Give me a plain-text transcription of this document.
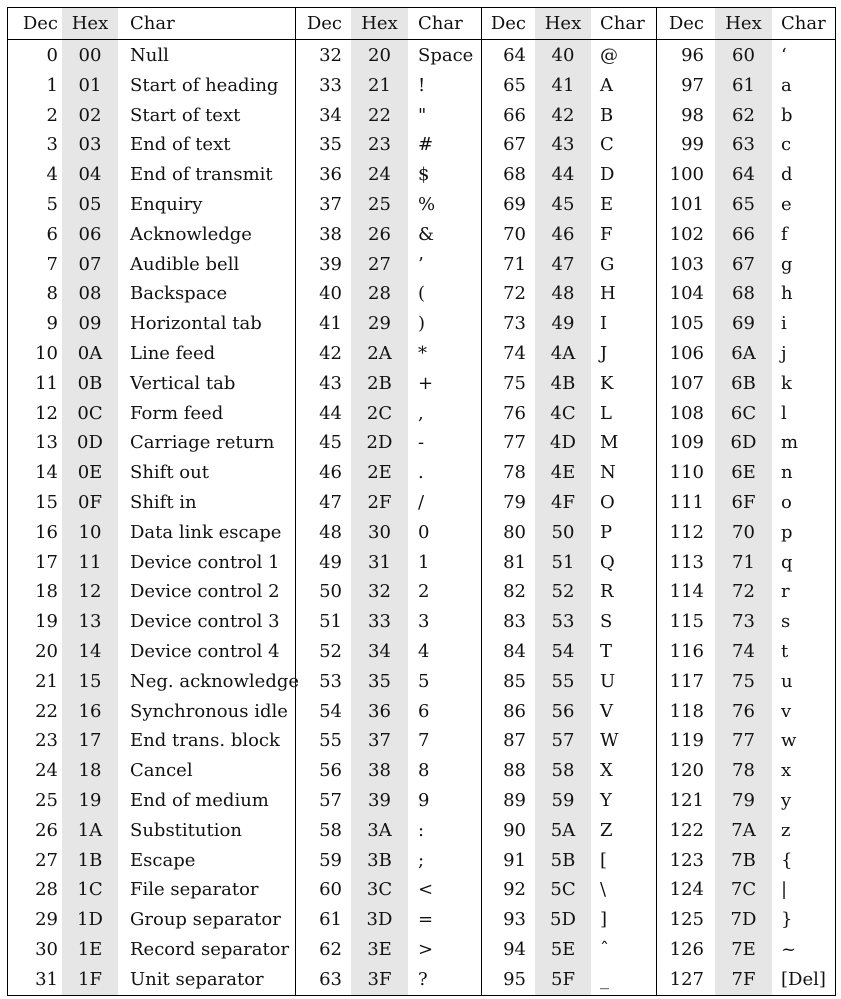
Dec Hex	Char
0	00	Null
1	01	Start of heading
2	02	Start of text
3	03	End of text
4	04	End of transmit
5	05	Enquiry
6	06	Acknowledge
7	07	Audible bell
8	08	Backspace
9	09	Horizontal tab
10	0A	Line feed
11	0B	Vertical tab
12	0C	Form feed
13	0D	Carriage return
14	0E	Shift out
15	0F	Shift in
16	10	Data link escape
17	11	Device control 1
18	12	Device control 2
19	13	Device control 3
20	14	Device control 4
21	15	Neg. acknowledge
22	16	Synchronous idle
23	17	End trans. block
24	18	Cancel
25	19	End of medium
26	1A	Substitution
27	1B	Escape
28	1C	File separator
29	1D	Group separator
30	1E	Record separator
31	1F	Unit separator
Dec	Hex	Char
32	20	Space
33	21	!
34	22	"
35	23	#
36	24	$
37	25	%
38	26	&
39	27	’
40	28	(
41	29	)
42	2A	*
43	2B	+
44	2C	,
45	2D	-
46	2E	.
47	2F	/
48	30	0
49	31	1
50	32	2
51	33	3
52	34	4
53	35	5
54	36	6
55	37	7
56	38	8
57	39	9
58	3A	:
59	3B	;
60	3C	<
61	3D	=
62	3E	>
63	3F	?
Dec	Hex	Char
64	40	@
65	41	A
66	42	B
67	43	C
68	44	D
69	45	E
70	46	F
71	47	G
72	48	H
73	49	I
74	4A	J
75	4B	K
76	4C	L
77	4D	M
78	4E	N
79	4F	O
80	50	P
81	51	Q
82	52	R
83	53	S
84	54	T
85	55	U
86	56	V
87	57	W
88	58	X
89	59	Y
90	5A	Z
91	5B	[
92	5C	\
93	5D	]
94	5E	ˆ
95	5F	_
Dec	Hex	Char
96	60	‘
97	61	a
98	62	b
99	63	c
100	64	d
101	65	e
102	66	f
103	67	g
104	68	h
105	69	i
106	6A	j
107	6B	k
108	6C	l
109	6D	m
110	6E	n
111	6F	o
112	70	p
113	71	q
114	72	r
115	73	s
116	74	t
117	75	u
118	76	v
119	77	w
120	78	x
121	79	y
122	7A	z
123	7B	{
124	7C	|
125	7D	}
126	7E	~
127	7F	[Del]
